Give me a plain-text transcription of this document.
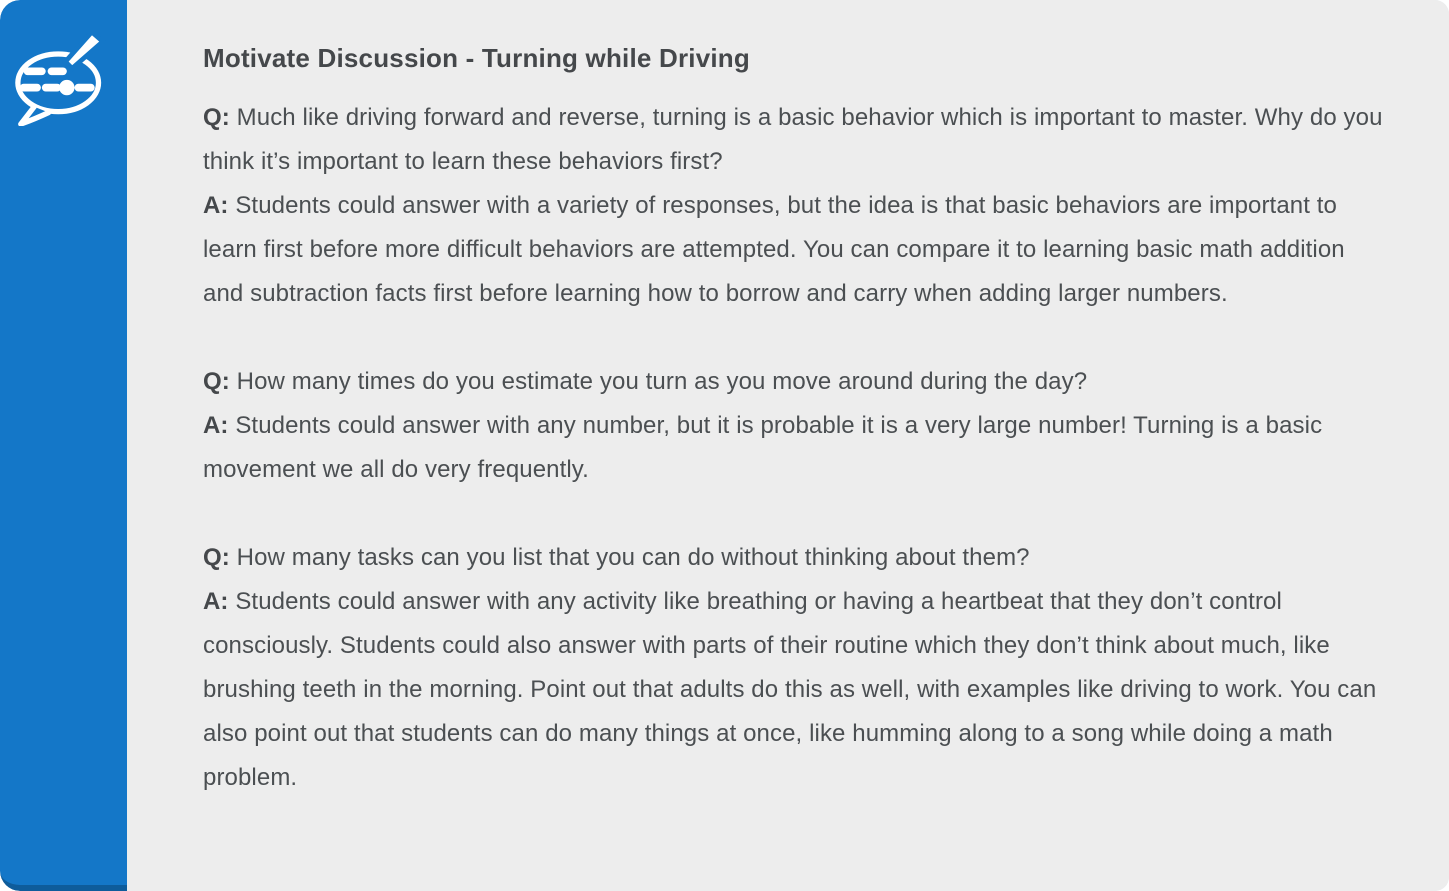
Motivate Discussion - Turning while Driving

Q: Much like driving forward and reverse, turning is a basic behavior which is important to master. Why do you think it’s important to learn these behaviors first?

A: Students could answer with a variety of responses, but the idea is that basic behaviors are important to learn first before more difficult behaviors are attempted. You can compare it to learning basic math addition and subtraction facts first before learning how to borrow and carry when adding larger numbers.

Q: How many times do you estimate you turn as you move around during the day?

A: Students could answer with any number, but it is probable it is a very large number! Turning is a basic movement we all do very frequently.

Q: How many tasks can you list that you can do without thinking about them?

A: Students could answer with any activity like breathing or having a heartbeat that they don’t control consciously. Students could also answer with parts of their routine which they don’t think about much, like brushing teeth in the morning. Point out that adults do this as well, with examples like driving to work. You can also point out that students can do many things at once, like humming along to a song while doing a math problem.
